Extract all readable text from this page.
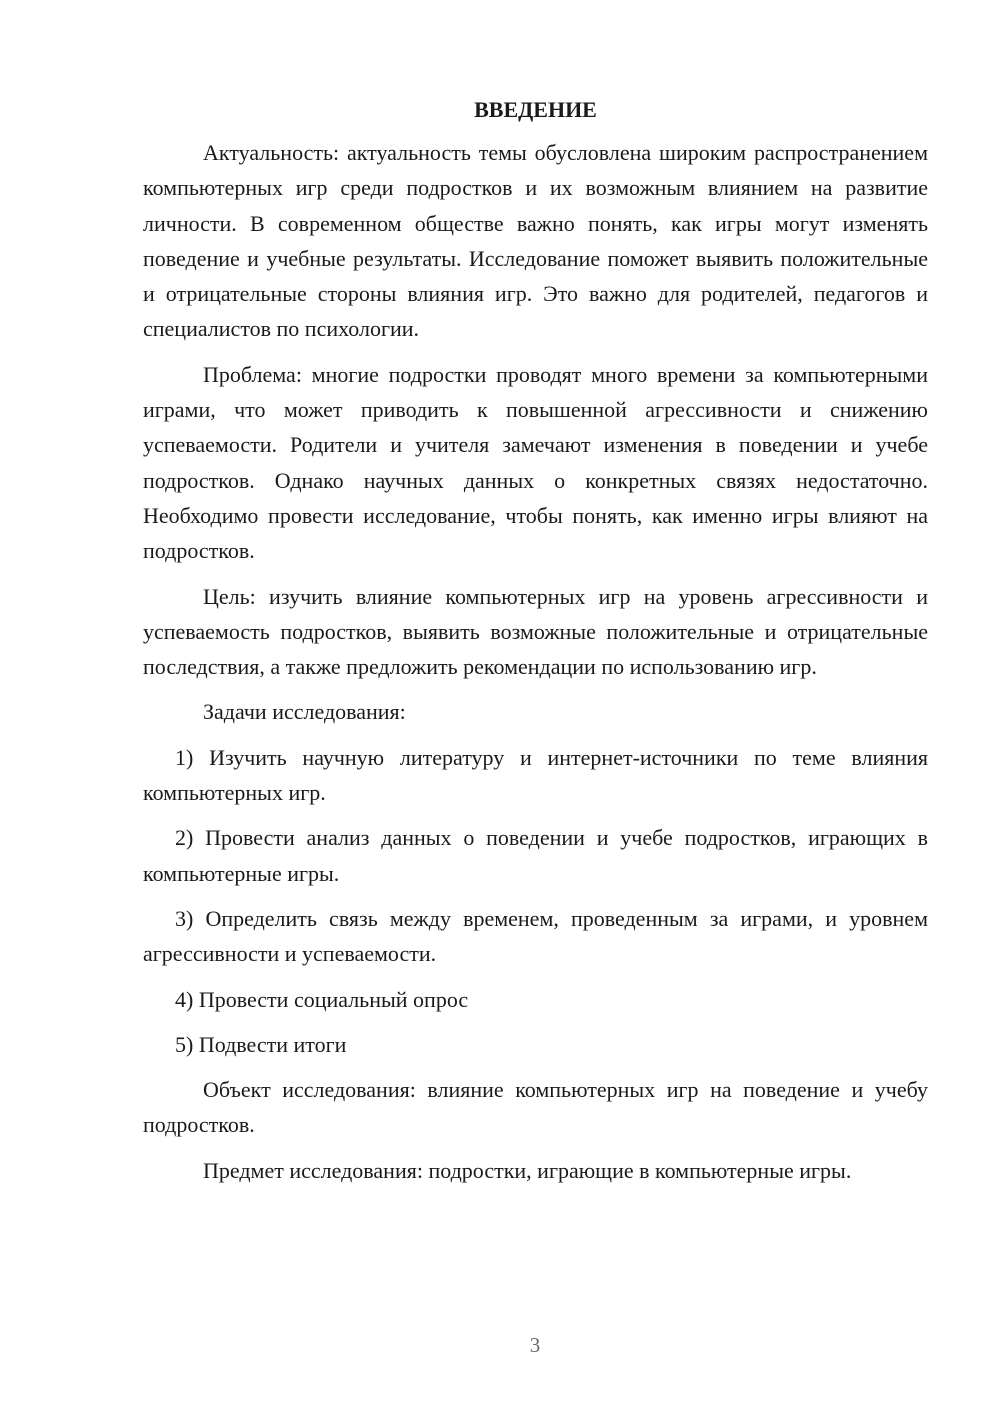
ВВЕДЕНИЕ

Актуальность: актуальность темы обусловлена широким распространением компьютерных игр среди подростков и их возможным влиянием на развитие личности. В современном обществе важно понять, как игры могут изменять поведение и учебные результаты. Исследование поможет выявить положительные и отрицательные стороны влияния игр. Это важно для родителей, педагогов и специалистов по психологии.

Проблема: многие подростки проводят много времени за компьютерными играми, что может приводить к повышенной агрессивности и снижению успеваемости. Родители и учителя замечают изменения в поведении и учебе подростков. Однако научных данных о конкретных связях недостаточно. Необходимо провести исследование, чтобы понять, как именно игры влияют на подростков.

Цель: изучить влияние компьютерных игр на уровень агрессивности и успеваемость подростков, выявить возможные положительные и отрицательные последствия, а также предложить рекомендации по использованию игр.

Задачи исследования:

1) Изучить научную литературу и интернет-источники по теме влияния компьютерных игр.

2) Провести анализ данных о поведении и учебе подростков, играющих в компьютерные игры.

3) Определить связь между временем, проведенным за играми, и уровнем агрессивности и успеваемости.

4) Провести социальный опрос

5) Подвести итоги

Объект исследования: влияние компьютерных игр на поведение и учебу подростков.

Предмет исследования: подростки, играющие в компьютерные игры.

3
